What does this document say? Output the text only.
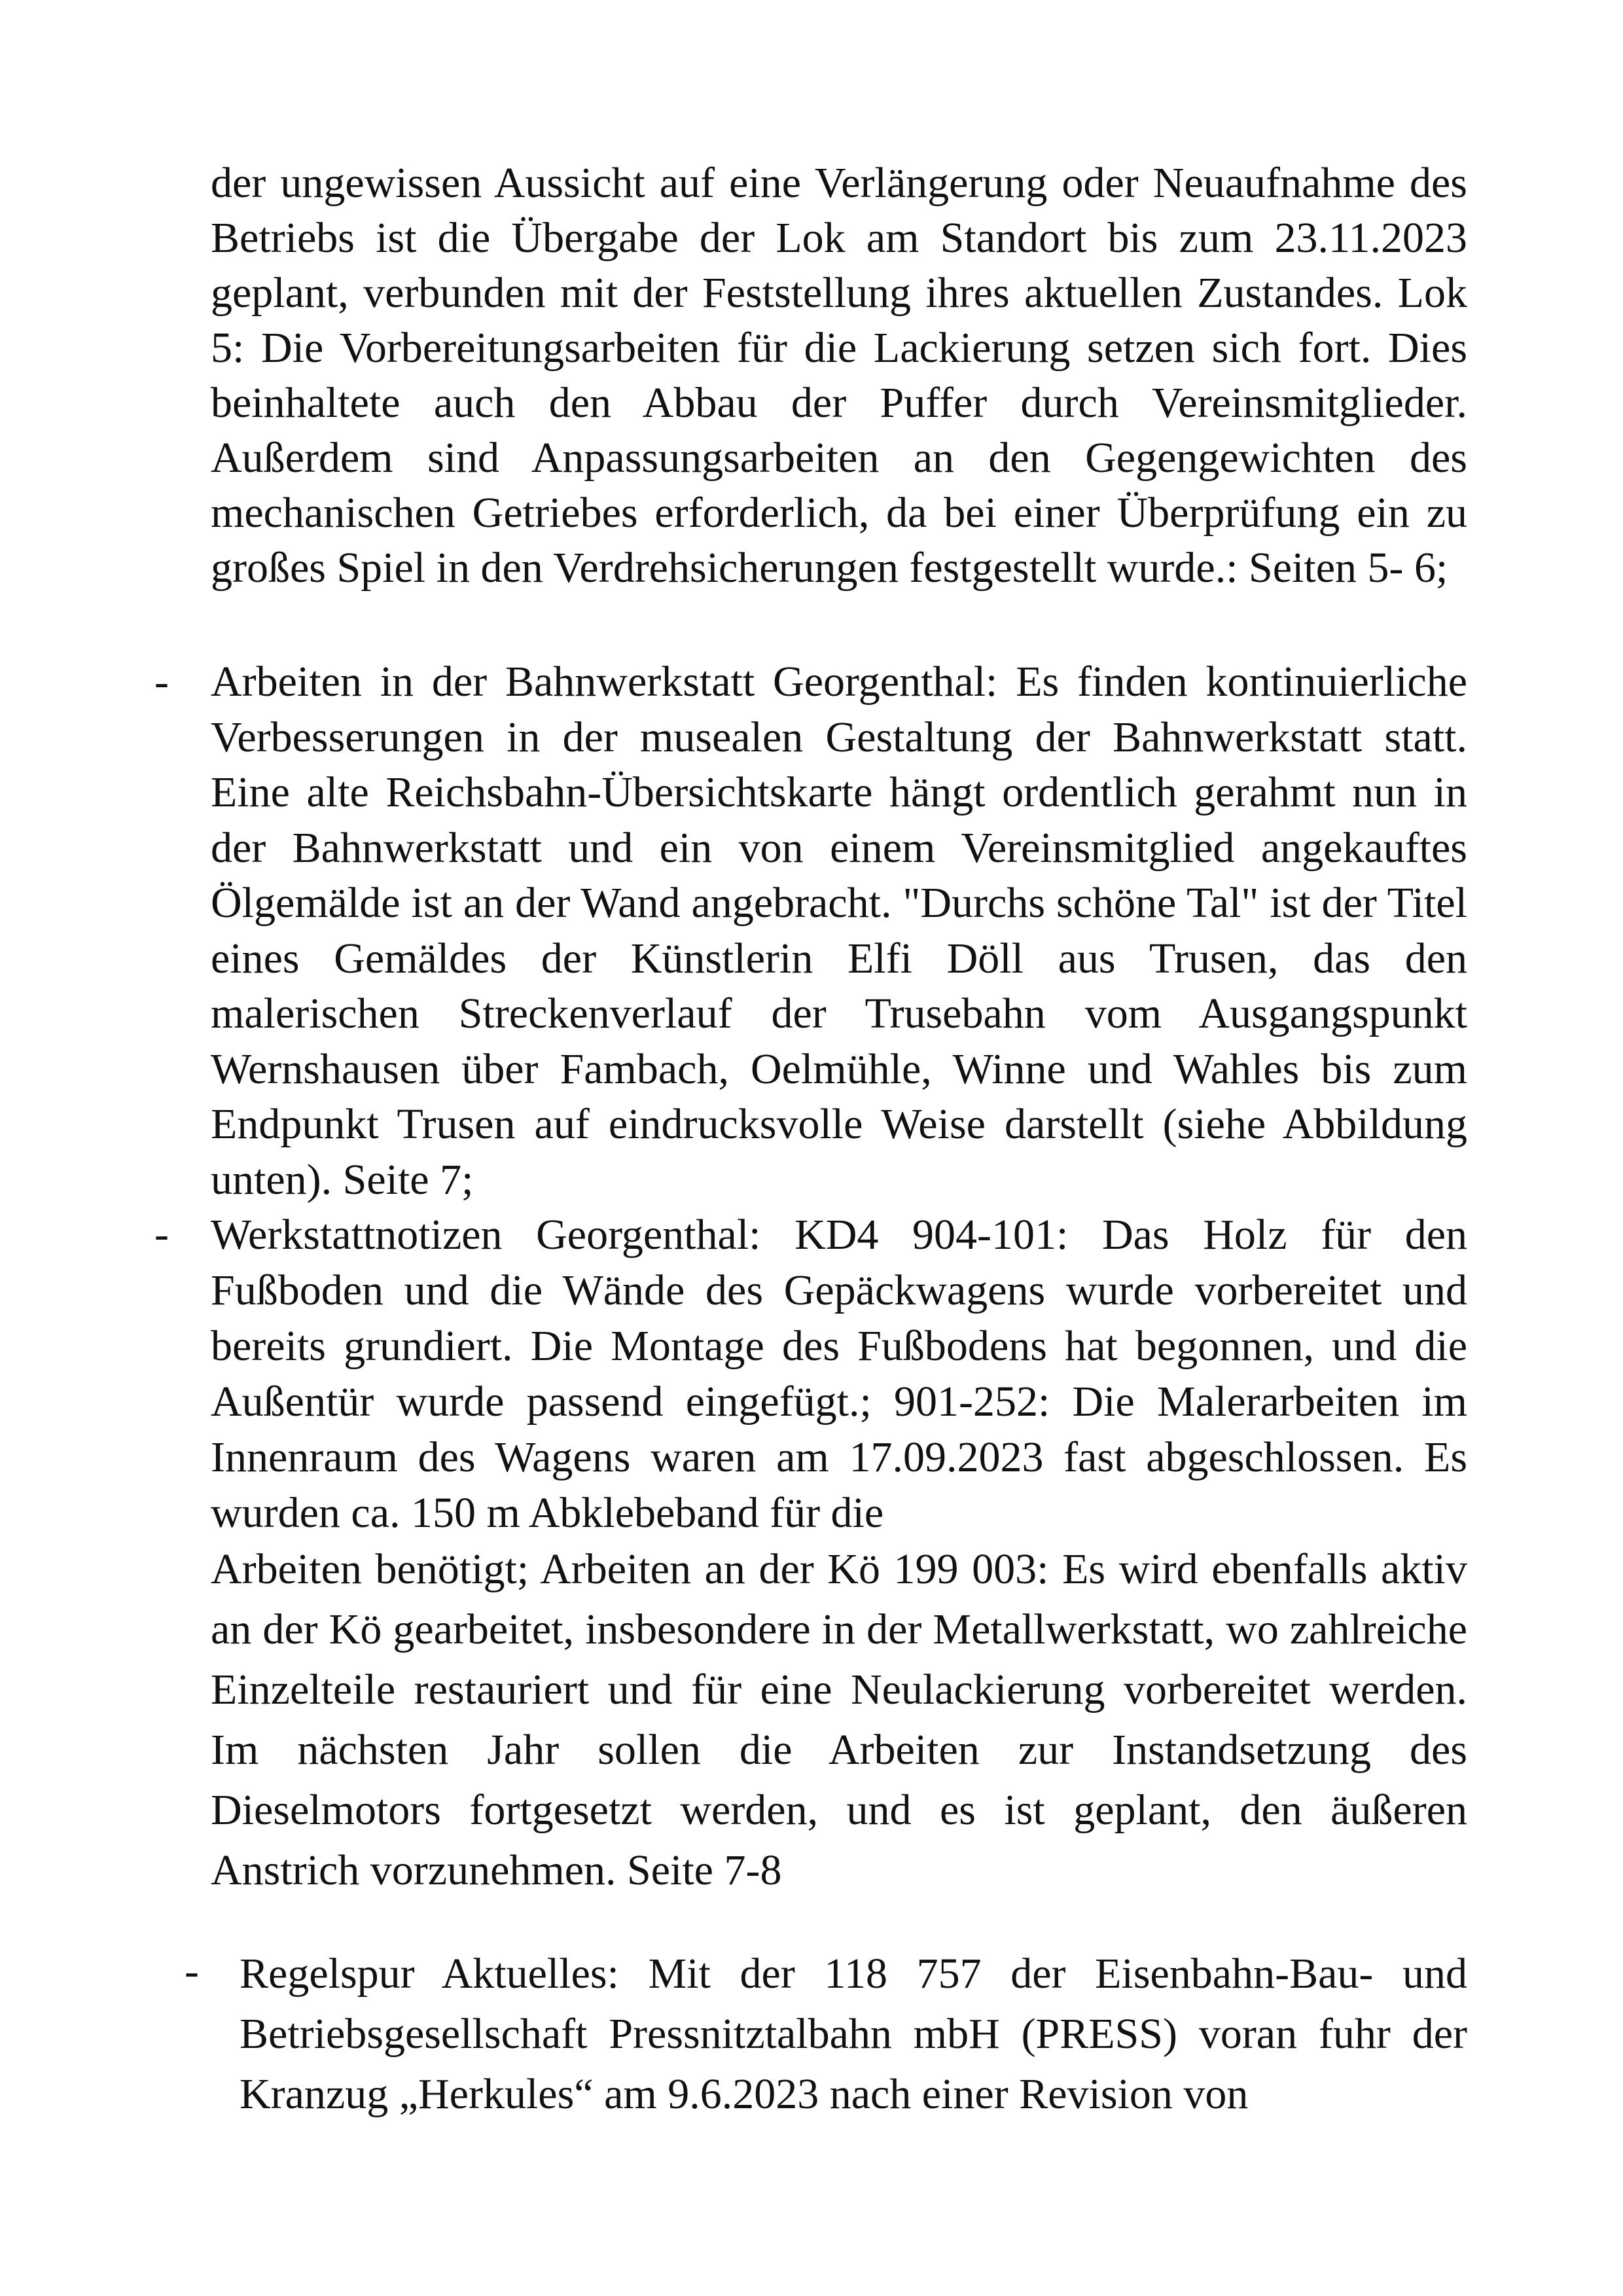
der ungewissen Aussicht auf eine Verlängerung oder Neuaufnahme des Betriebs ist die Übergabe der Lok am Standort bis zum 23.11.2023 geplant, verbunden mit der Feststellung ihres aktuellen Zustandes. Lok 5: Die Vorbereitungsarbeiten für die Lackierung setzen sich fort. Dies beinhaltete auch den Abbau der Puffer durch Vereinsmitglieder. Außerdem sind Anpassungsarbeiten an den Gegengewichten des mechanischen Getriebes erforderlich, da bei einer Überprüfung ein zu großes Spiel in den Verdrehsicherungen festgestellt wurde.: Seiten 5- 6;

- Arbeiten in der Bahnwerkstatt Georgenthal: Es finden kontinuierliche Verbesserungen in der musealen Gestaltung der Bahnwerkstatt statt. Eine alte Reichsbahn-Übersichtskarte hängt ordentlich gerahmt nun in der Bahnwerkstatt und ein von einem Vereinsmitglied angekauftes Ölgemälde ist an der Wand angebracht. "Durchs schöne Tal" ist der Titel eines Gemäldes der Künstlerin Elfi Döll aus Trusen, das den malerischen Streckenverlauf der Trusebahn vom Ausgangspunkt Wernshausen über Fambach, Oelmühle, Winne und Wahles bis zum Endpunkt Trusen auf eindrucksvolle Weise darstellt (siehe Abbildung unten). Seite 7;

- Werkstattnotizen Georgenthal: KD4 904-101: Das Holz für den Fußboden und die Wände des Gepäckwagens wurde vorbereitet und bereits grundiert. Die Montage des Fußbodens hat begonnen, und die Außentür wurde passend eingefügt.; 901-252: Die Malerarbeiten im Innenraum des Wagens waren am 17.09.2023 fast abgeschlossen. Es wurden ca. 150 m Abklebeband für die

Arbeiten benötigt; Arbeiten an der Kö 199 003: Es wird ebenfalls aktiv an der Kö gearbeitet, insbesondere in der Metallwerkstatt, wo zahlreiche Einzelteile restauriert und für eine Neulackierung vorbereitet werden. Im nächsten Jahr sollen die Arbeiten zur Instandsetzung des Dieselmotors fortgesetzt werden, und es ist geplant, den äußeren Anstrich vorzunehmen. Seite 7-8

- Regelspur Aktuelles: Mit der 118 757 der Eisenbahn-Bau- und Betriebsgesellschaft Pressnitztalbahn mbH (PRESS) voran fuhr der Kranzug „Herkules“ am 9.6.2023 nach einer Revision von
